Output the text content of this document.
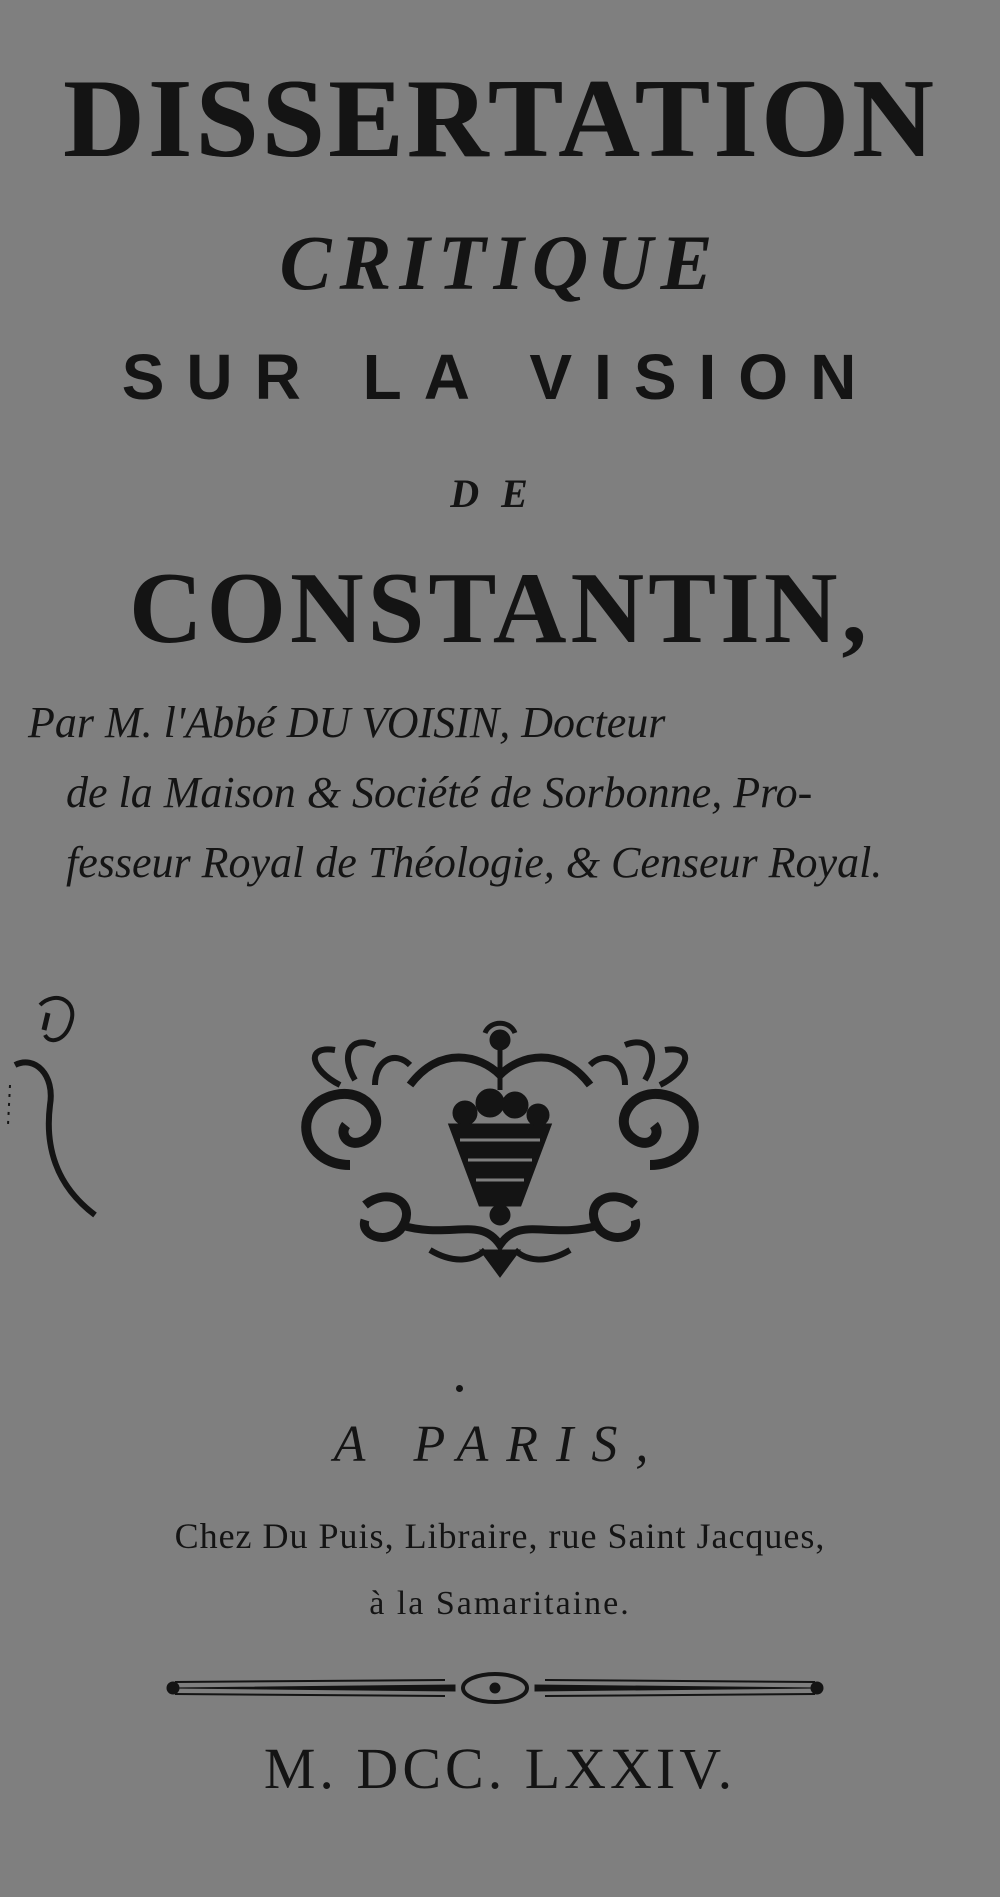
DISSERTATION
CRITIQUE
SUR LA VISION
DE
CONSTANTIN,
Par M. l'Abbé DU VOISIN, Docteur
de la Maison & Société de Sorbonne, Pro-
fesseur Royal de Théologie, & Censeur Royal.
A PARIS,
Chez Du Puis, Libraire, rue Saint Jacques,
à la Samaritaine.
M. DCC. LXXIV.
